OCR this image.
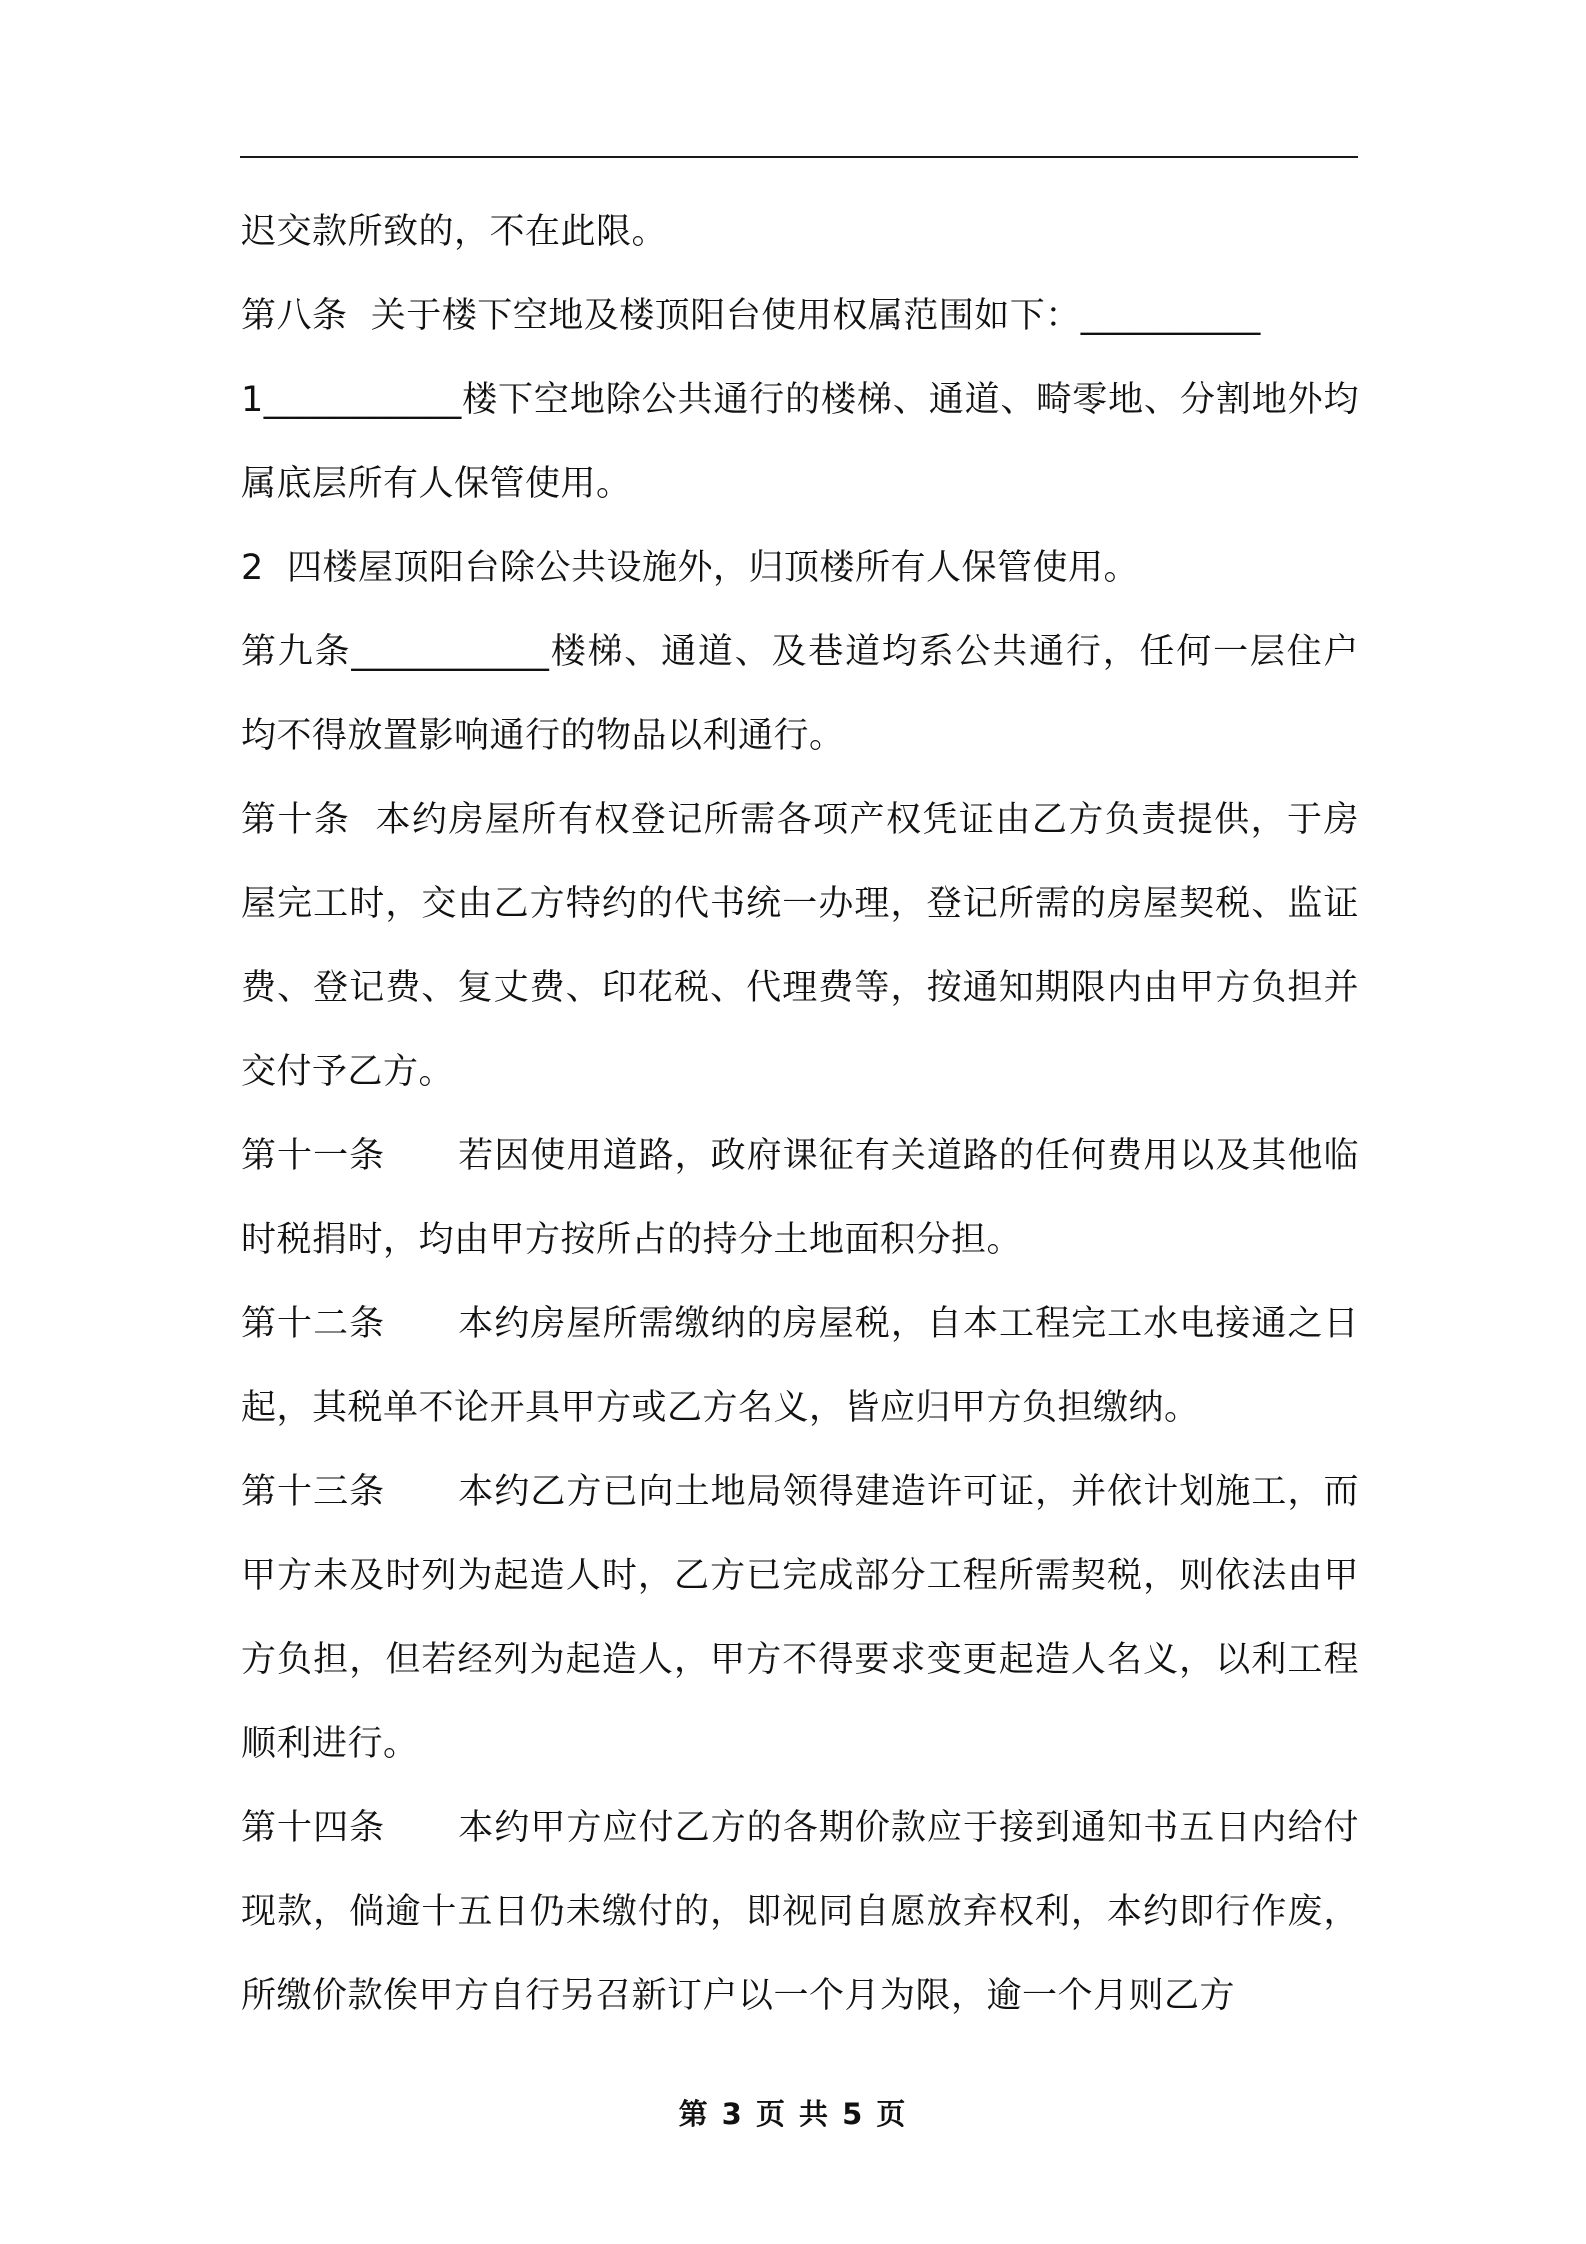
迟交款所致的，不在此限。

第八条  关于楼下空地及楼顶阳台使用权属范围如下：__________

1___________楼下空地除公共通行的楼梯、通道、畸零地、分割地外均属底层所有人保管使用。

2  四楼屋顶阳台除公共设施外，归顶楼所有人保管使用。

第九条___________楼梯、通道、及巷道均系公共通行，任何一层住户均不得放置影响通行的物品以利通行。

第十条  本约房屋所有权登记所需各项产权凭证由乙方负责提供，于房屋完工时，交由乙方特约的代书统一办理，登记所需的房屋契税、监证费、登记费、复丈费、印花税、代理费等，按通知期限内由甲方负担并交付予乙方。

第十一条      若因使用道路，政府课征有关道路的任何费用以及其他临时税捐时，均由甲方按所占的持分土地面积分担。

第十二条      本约房屋所需缴纳的房屋税，自本工程完工水电接通之日起，其税单不论开具甲方或乙方名义，皆应归甲方负担缴纳。

第十三条      本约乙方已向土地局领得建造许可证，并依计划施工，而甲方未及时列为起造人时，乙方已完成部分工程所需契税，则依法由甲方负担，但若经列为起造人，甲方不得要求变更起造人名义，以利工程顺利进行。

第十四条      本约甲方应付乙方的各期价款应于接到通知书五日内给付现款，倘逾十五日仍未缴付的，即视同自愿放弃权利，本约即行作废，所缴价款俟甲方自行另召新订户以一个月为限，逾一个月则乙方

第 3 页 共 5 页
